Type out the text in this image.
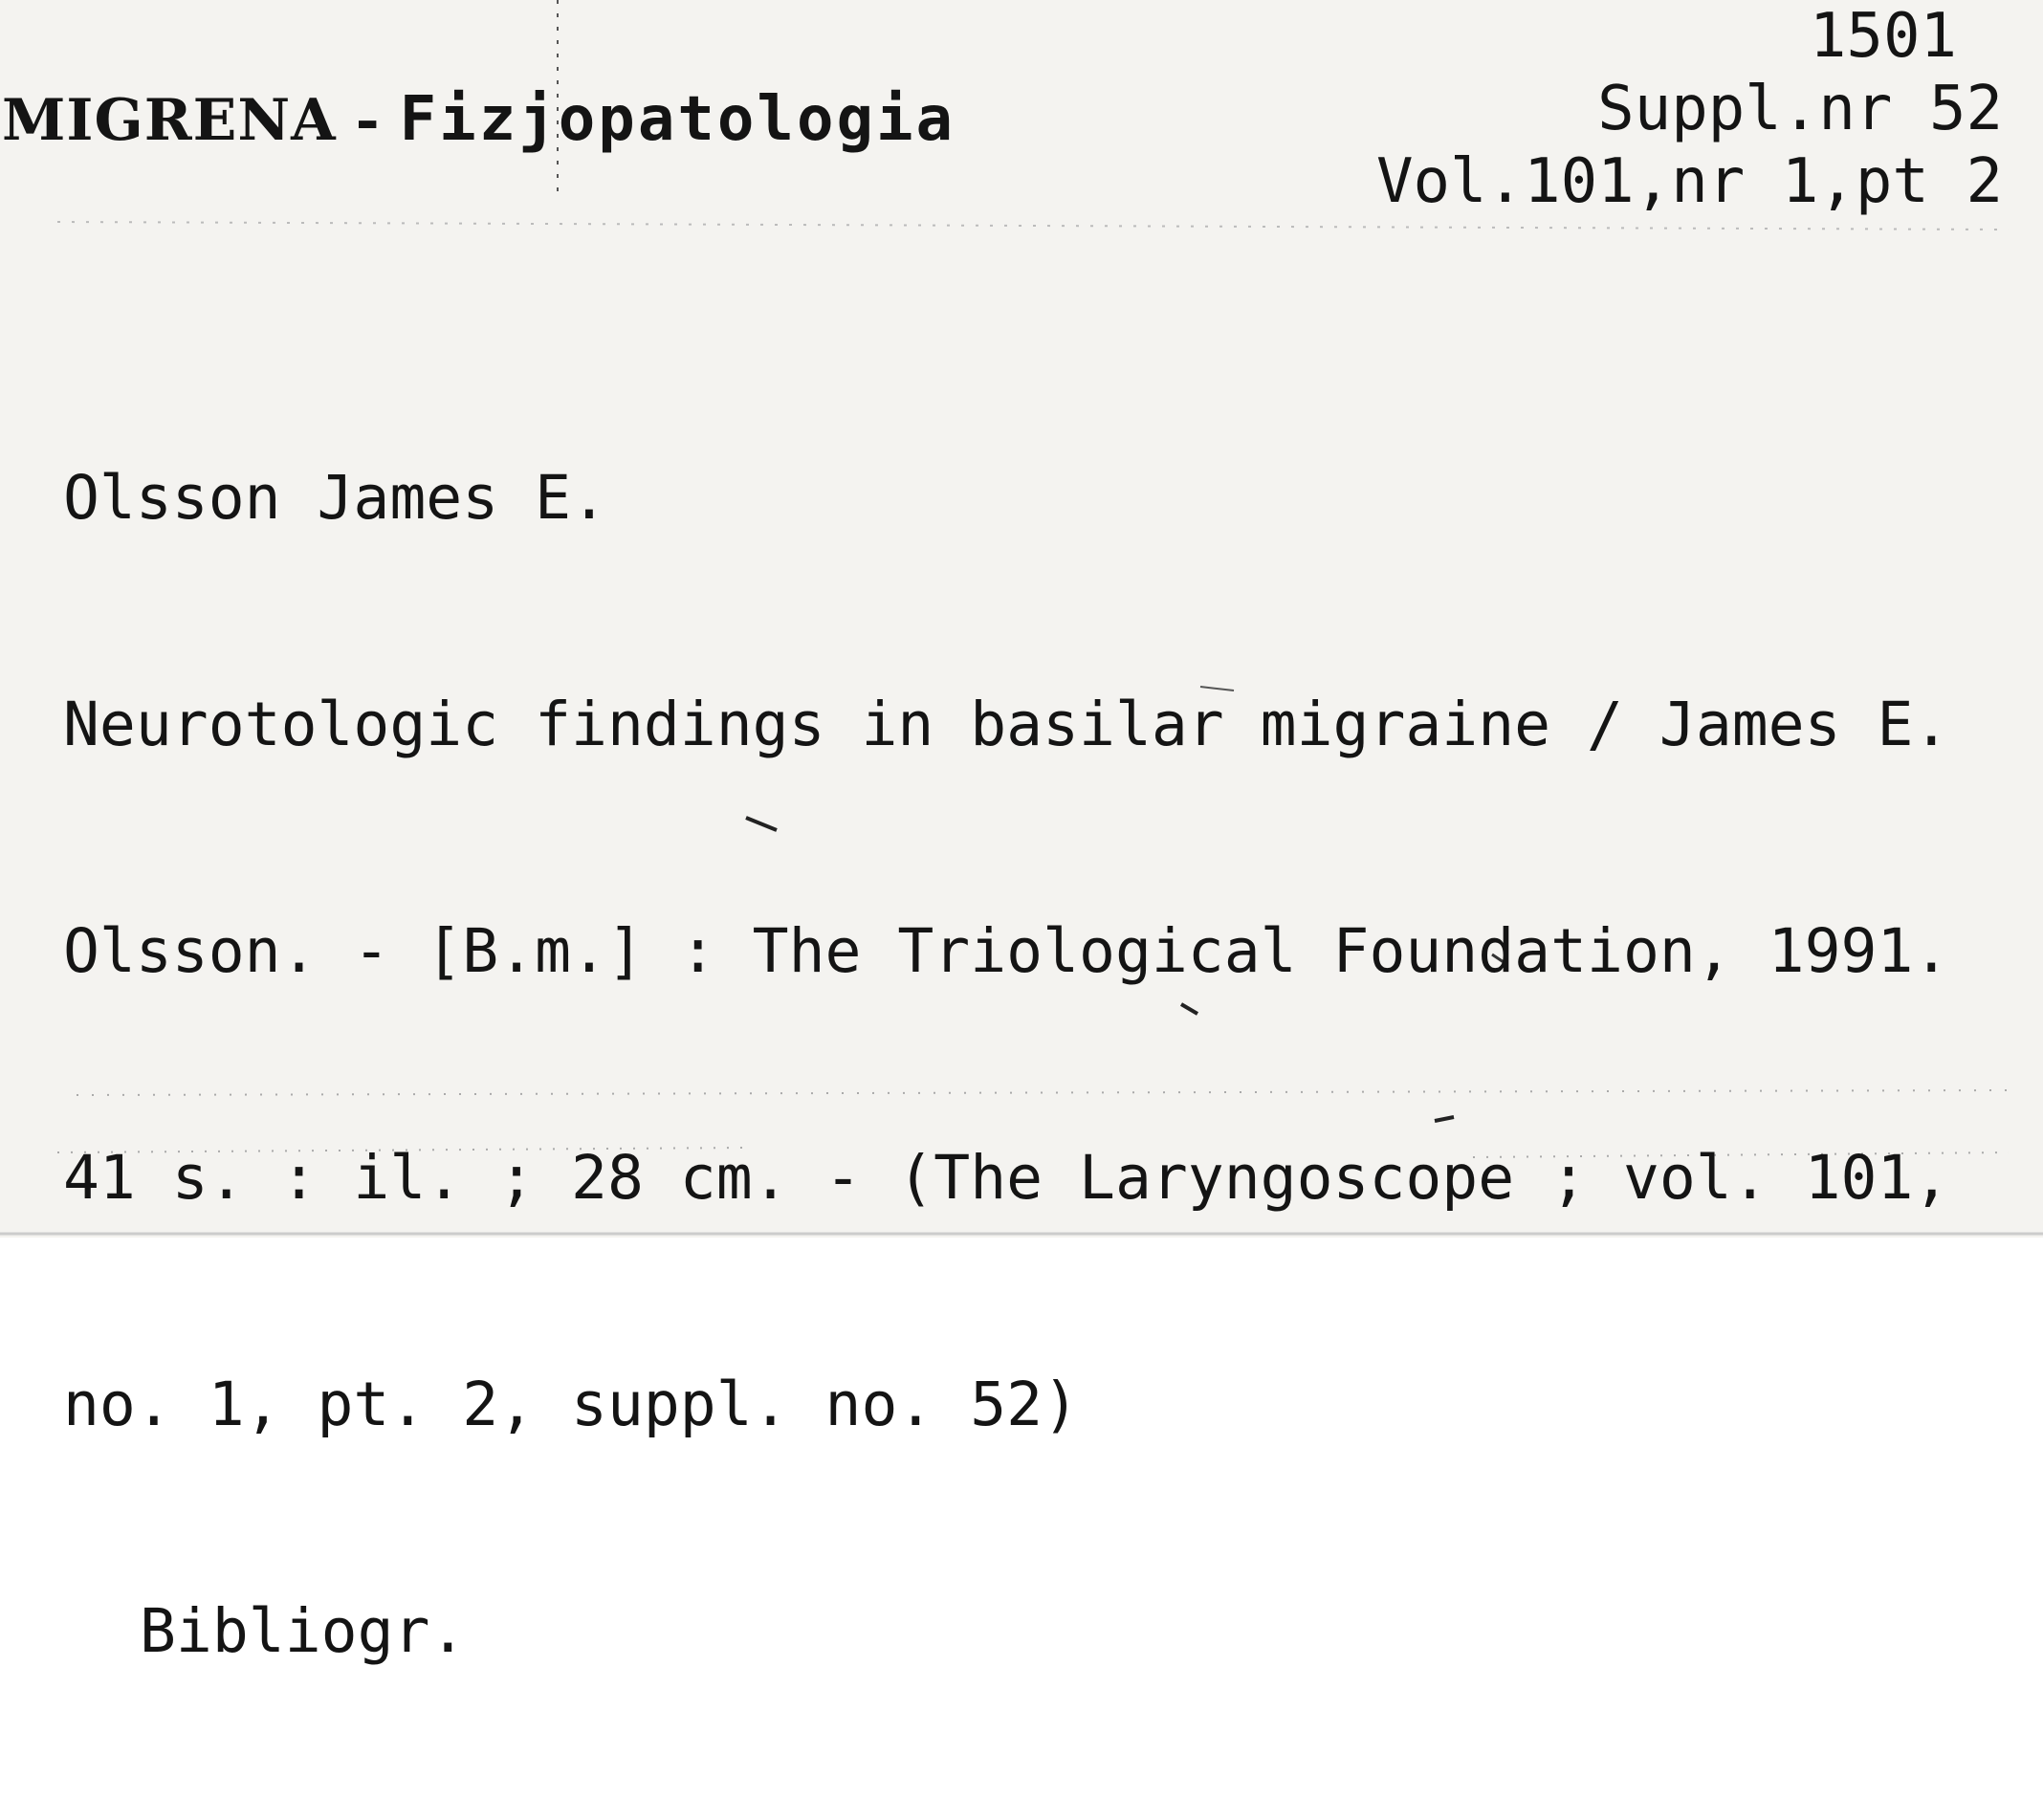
MIGRENA - Fizjopatologia
1501
Suppl.nr 52
Vol.101,nr 1,pt 2

Olsson James E.

Neurotologic findings in basilar migraine / James E.

Olsson. - [B.m.] : The Triological Foundation, 1991.

41 s. : il. ; 28 cm. - (The Laryngoscope ; vol. 101,

no. 1, pt. 2, suppl. no. 52)

Bibliogr.
